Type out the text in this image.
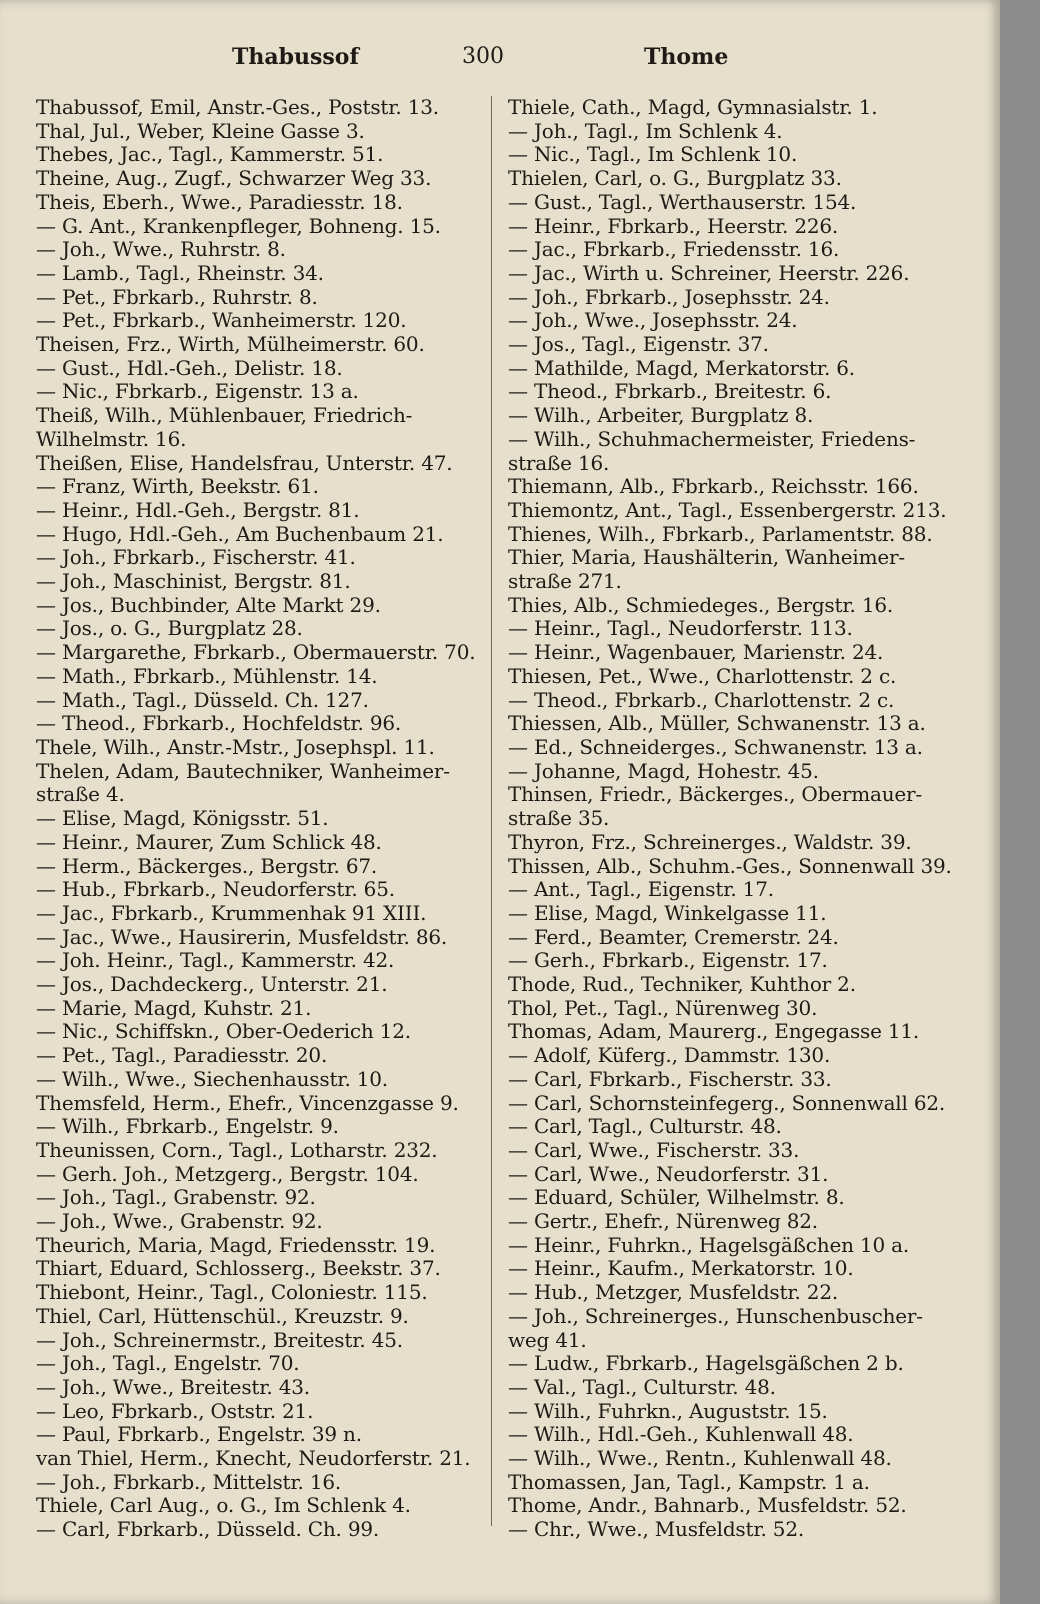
Thabussof	300	Thome
Thabussof, Emil, Anstr.-Ges., Poststr. 13.
Thal, Jul., Weber, Kleine Gasse 3.
Thebes, Jac., Tagl., Kammerstr. 51.
Theine, Aug., Zugf., Schwarzer Weg 33.
Theis, Eberh., Wwe., Paradiesstr. 18.
— G. Ant., Krankenpfleger, Bohneng. 15.
— Joh., Wwe., Ruhrstr. 8.
— Lamb., Tagl., Rheinstr. 34.
— Pet., Fbrkarb., Ruhrstr. 8.
— Pet., Fbrkarb., Wanheimerstr. 120.
Theisen, Frz., Wirth, Mülheimerstr. 60.
— Gust., Hdl.-Geh., Delistr. 18.
— Nic., Fbrkarb., Eigenstr. 13 a.
Theiß, Wilh., Mühlenbauer, Friedrich-
Wilhelmstr. 16.
Theißen, Elise, Handelsfrau, Unterstr. 47.
— Franz, Wirth, Beekstr. 61.
— Heinr., Hdl.-Geh., Bergstr. 81.
— Hugo, Hdl.-Geh., Am Buchenbaum 21.
— Joh., Fbrkarb., Fischerstr. 41.
— Joh., Maschinist, Bergstr. 81.
— Jos., Buchbinder, Alte Markt 29.
— Jos., o. G., Burgplatz 28.
— Margarethe, Fbrkarb., Obermauerstr. 70.
— Math., Fbrkarb., Mühlenstr. 14.
— Math., Tagl., Düsseld. Ch. 127.
— Theod., Fbrkarb., Hochfeldstr. 96.
Thele, Wilh., Anstr.-Mstr., Josephspl. 11.
Thelen, Adam, Bautechniker, Wanheimer-
straße 4.
— Elise, Magd, Königsstr. 51.
— Heinr., Maurer, Zum Schlick 48.
— Herm., Bäckerges., Bergstr. 67.
— Hub., Fbrkarb., Neudorferstr. 65.
— Jac., Fbrkarb., Krummenhak 91 XIII.
— Jac., Wwe., Hausirerin, Musfeldstr. 86.
— Joh. Heinr., Tagl., Kammerstr. 42.
— Jos., Dachdeckerg., Unterstr. 21.
— Marie, Magd, Kuhstr. 21.
— Nic., Schiffskn., Ober-Oederich 12.
— Pet., Tagl., Paradiesstr. 20.
— Wilh., Wwe., Siechenhausstr. 10.
Themsfeld, Herm., Ehefr., Vincenzgasse 9.
— Wilh., Fbrkarb., Engelstr. 9.
Theunissen, Corn., Tagl., Lotharstr. 232.
— Gerh. Joh., Metzgerg., Bergstr. 104.
— Joh., Tagl., Grabenstr. 92.
— Joh., Wwe., Grabenstr. 92.
Theurich, Maria, Magd, Friedensstr. 19.
Thiart, Eduard, Schlosserg., Beekstr. 37.
Thiebont, Heinr., Tagl., Coloniestr. 115.
Thiel, Carl, Hüttenschül., Kreuzstr. 9.
— Joh., Schreinermstr., Breitestr. 45.
— Joh., Tagl., Engelstr. 70.
— Joh., Wwe., Breitestr. 43.
— Leo, Fbrkarb., Oststr. 21.
— Paul, Fbrkarb., Engelstr. 39 n.
van Thiel, Herm., Knecht, Neudorferstr. 21.
— Joh., Fbrkarb., Mittelstr. 16.
Thiele, Carl Aug., o. G., Im Schlenk 4.
— Carl, Fbrkarb., Düsseld. Ch. 99.
Thiele, Cath., Magd, Gymnasialstr. 1.
— Joh., Tagl., Im Schlenk 4.
— Nic., Tagl., Im Schlenk 10.
Thielen, Carl, o. G., Burgplatz 33.
— Gust., Tagl., Werthauserstr. 154.
— Heinr., Fbrkarb., Heerstr. 226.
— Jac., Fbrkarb., Friedensstr. 16.
— Jac., Wirth u. Schreiner, Heerstr. 226.
— Joh., Fbrkarb., Josephsstr. 24.
— Joh., Wwe., Josephsstr. 24.
— Jos., Tagl., Eigenstr. 37.
— Mathilde, Magd, Merkatorstr. 6.
— Theod., Fbrkarb., Breitestr. 6.
— Wilh., Arbeiter, Burgplatz 8.
— Wilh., Schuhmachermeister, Friedens-
straße 16.
Thiemann, Alb., Fbrkarb., Reichsstr. 166.
Thiemontz, Ant., Tagl., Essenbergerstr. 213.
Thienes, Wilh., Fbrkarb., Parlamentstr. 88.
Thier, Maria, Haushälterin, Wanheimer-
straße 271.
Thies, Alb., Schmiedeges., Bergstr. 16.
— Heinr., Tagl., Neudorferstr. 113.
— Heinr., Wagenbauer, Marienstr. 24.
Thiesen, Pet., Wwe., Charlottenstr. 2 c.
— Theod., Fbrkarb., Charlottenstr. 2 c.
Thiessen, Alb., Müller, Schwanenstr. 13 a.
— Ed., Schneiderges., Schwanenstr. 13 a.
— Johanne, Magd, Hohestr. 45.
Thinsen, Friedr., Bäckerges., Obermauer-
straße 35.
Thyron, Frz., Schreinerges., Waldstr. 39.
Thissen, Alb., Schuhm.-Ges., Sonnenwall 39.
— Ant., Tagl., Eigenstr. 17.
— Elise, Magd, Winkelgasse 11.
— Ferd., Beamter, Cremerstr. 24.
— Gerh., Fbrkarb., Eigenstr. 17.
Thode, Rud., Techniker, Kuhthor 2.
Thol, Pet., Tagl., Nürenweg 30.
Thomas, Adam, Maurerg., Engegasse 11.
— Adolf, Küferg., Dammstr. 130.
— Carl, Fbrkarb., Fischerstr. 33.
— Carl, Schornsteinfegerg., Sonnenwall 62.
— Carl, Tagl., Culturstr. 48.
— Carl, Wwe., Fischerstr. 33.
— Carl, Wwe., Neudorferstr. 31.
— Eduard, Schüler, Wilhelmstr. 8.
— Gertr., Ehefr., Nürenweg 82.
— Heinr., Fuhrkn., Hagelsgäßchen 10 a.
— Heinr., Kaufm., Merkatorstr. 10.
— Hub., Metzger, Musfeldstr. 22.
— Joh., Schreinerges., Hunschenbuscher-
weg 41.
— Ludw., Fbrkarb., Hagelsgäßchen 2 b.
— Val., Tagl., Culturstr. 48.
— Wilh., Fuhrkn., Auguststr. 15.
— Wilh., Hdl.-Geh., Kuhlenwall 48.
— Wilh., Wwe., Rentn., Kuhlenwall 48.
Thomassen, Jan, Tagl., Kampstr. 1 a.
Thome, Andr., Bahnarb., Musfeldstr. 52.
— Chr., Wwe., Musfeldstr. 52.
